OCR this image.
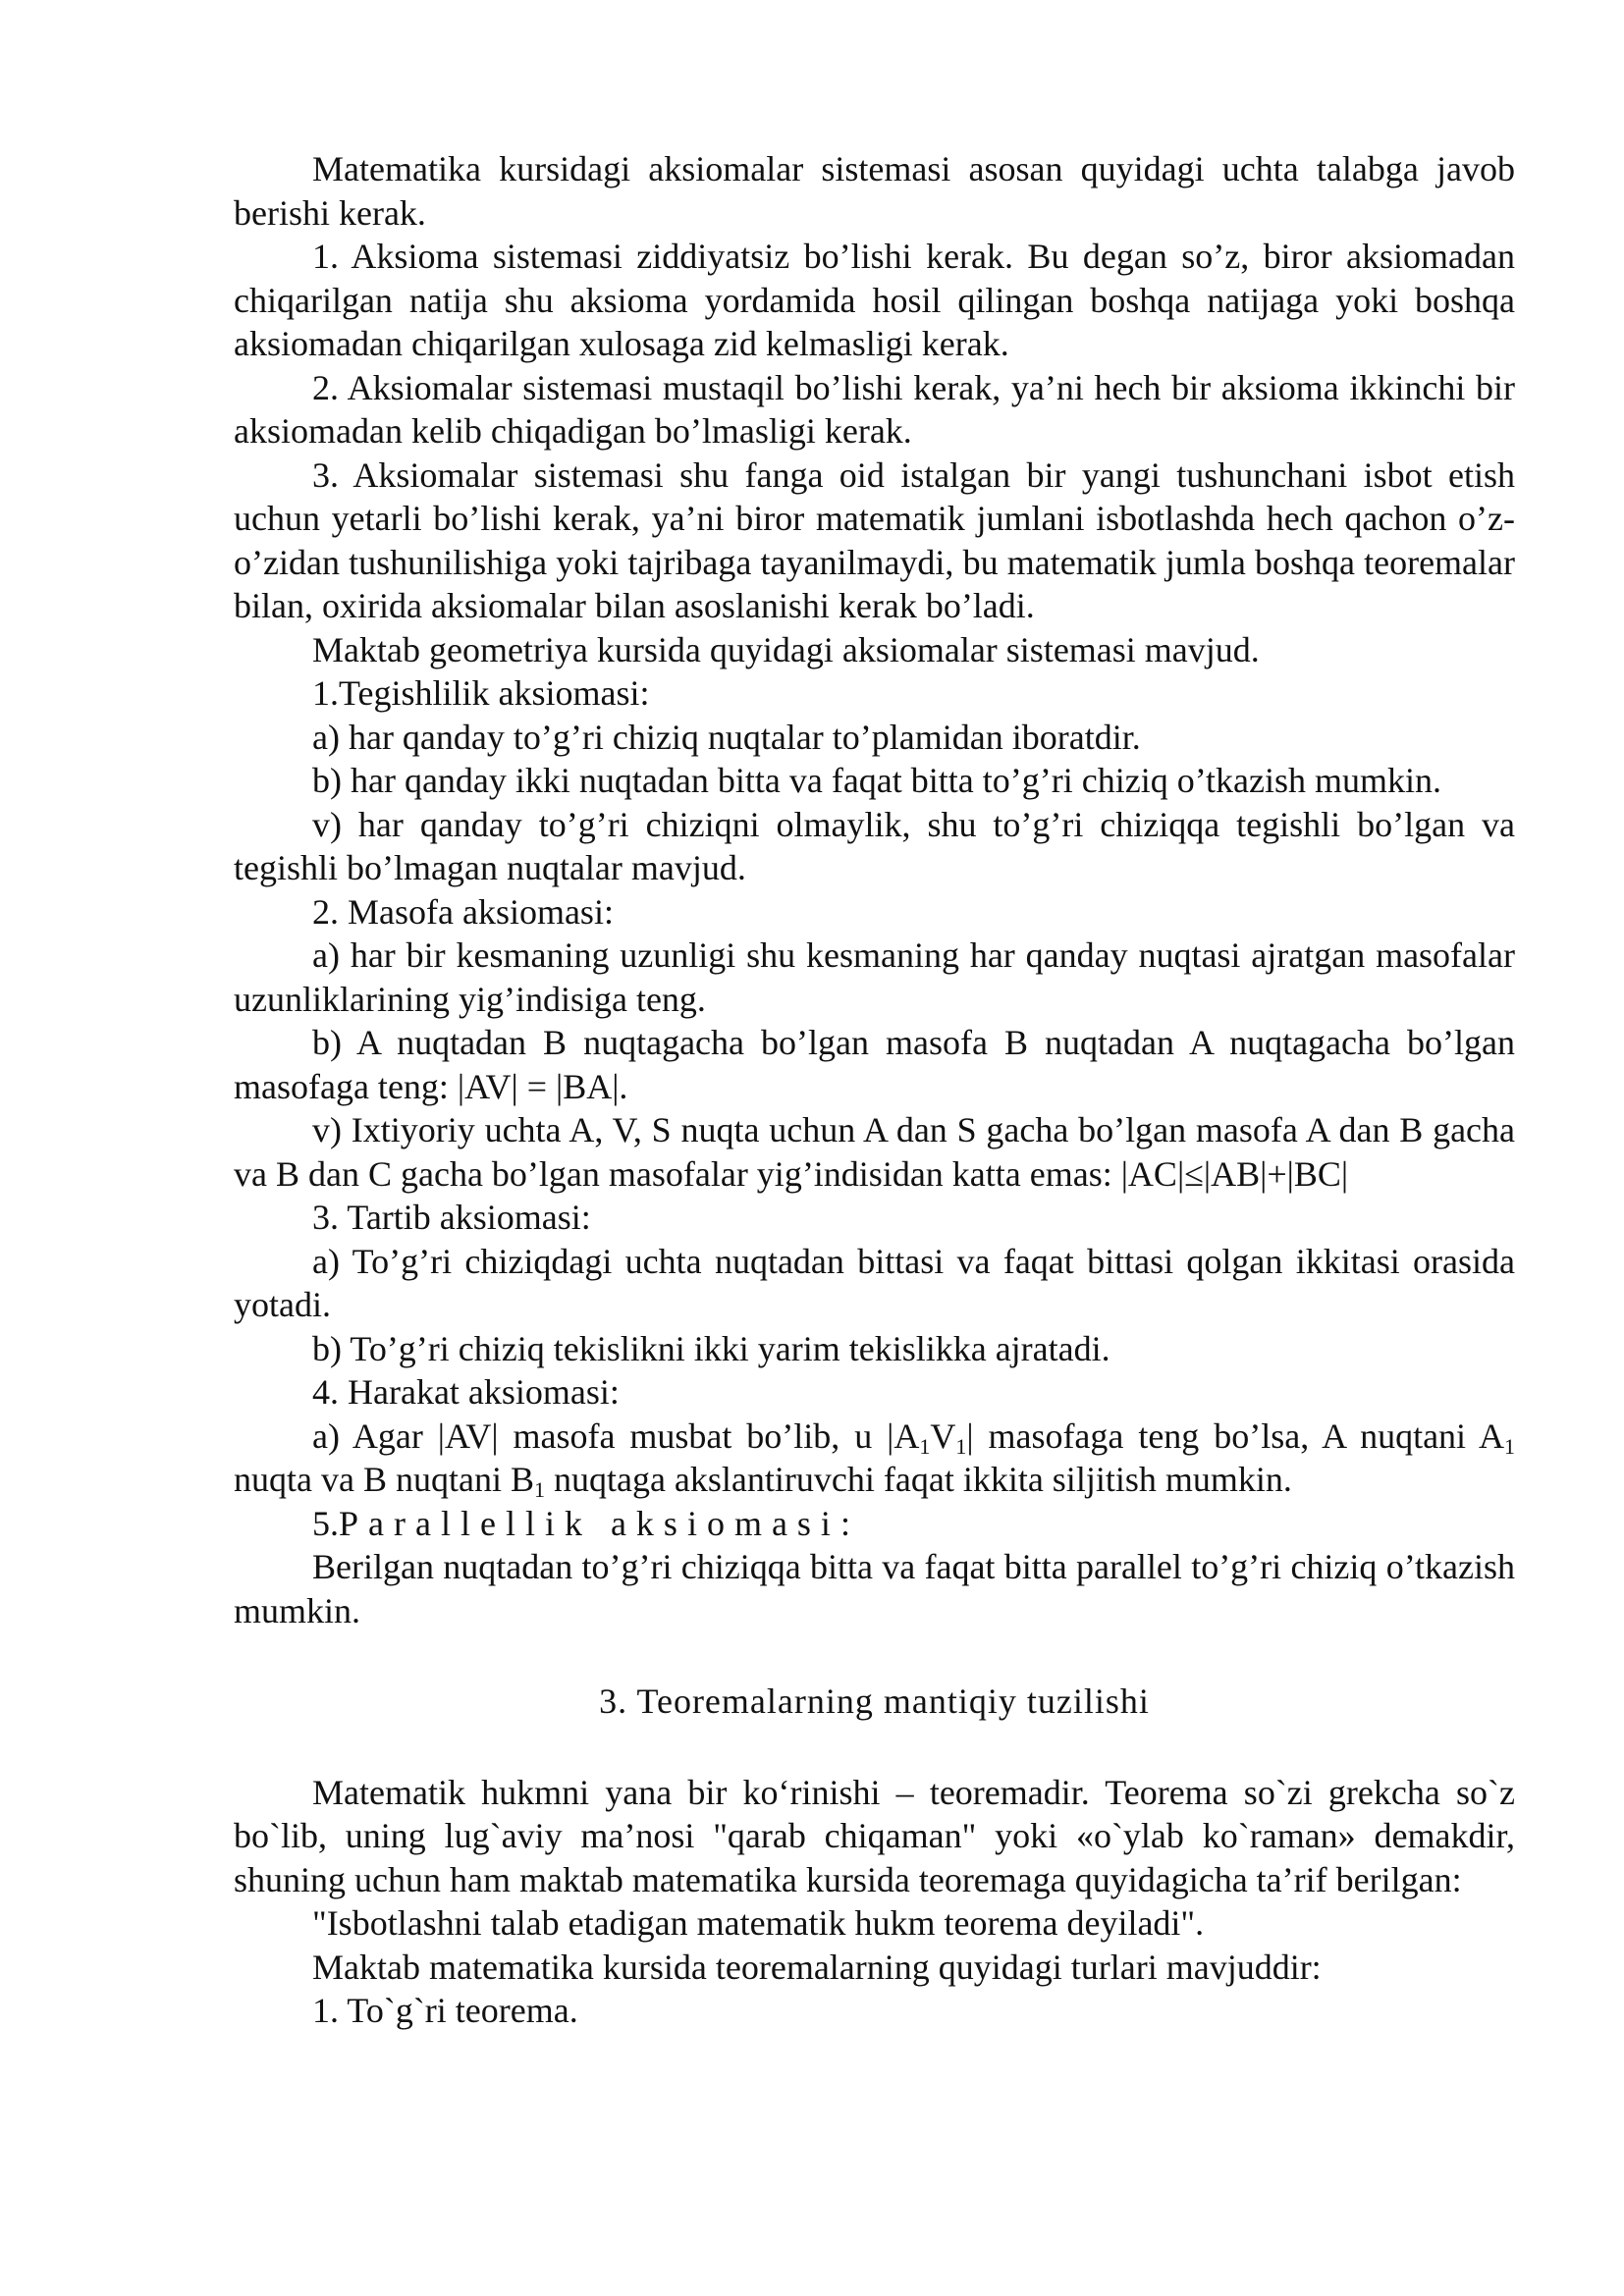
Matematika kursidagi aksiomalar sistemasi asosan quyidagi uchta talabga javob berishi kerak.

1. Aksioma sistemasi ziddiyatsiz bo’lishi kerak. Bu degan so’z, biror aksiomadan chiqarilgan natija shu aksioma yordamida hosil qilingan boshqa natijaga yoki boshqa aksiomadan chiqarilgan xulosaga zid kelmasligi kerak.

2. Aksiomalar sistemasi mustaqil bo’lishi kerak, ya’ni hech bir aksioma ikkinchi bir aksiomadan kelib chiqadigan bo’lmasligi kerak.

3. Aksiomalar sistemasi shu fanga oid istalgan bir yangi tushunchani isbot etish uchun yetarli bo’lishi kerak, ya’ni biror matematik jumlani isbotlashda hech qachon o’z-o’zidan tushunilishiga yoki tajribaga tayanilmaydi, bu matematik jumla boshqa teoremalar bilan, oxirida aksiomalar bilan asoslanishi kerak bo’ladi.

Maktab geometriya kursida quyidagi aksiomalar sistemasi mavjud.

1.Tegishlilik aksiomasi:

a) har qanday to’g’ri chiziq nuqtalar to’plamidan iboratdir.

b) har qanday ikki nuqtadan bitta va faqat bitta to’g’ri chiziq o’tkazish mumkin.

v) har qanday to’g’ri chiziqni olmaylik, shu to’g’ri chiziqqa tegishli bo’lgan va tegishli bo’lmagan nuqtalar mavjud.

2. Masofa aksiomasi:

a) har bir kesmaning uzunligi shu kesmaning har qanday nuqtasi ajratgan masofalar uzunliklarining yig’indisiga teng.

b) A nuqtadan B nuqtagacha bo’lgan masofa B nuqtadan A nuqtagacha bo’lgan masofaga teng: |AV| = |BA|.

v) Ixtiyoriy uchta A, V, S nuqta uchun A dan S gacha bo’lgan masofa A dan B gacha va B dan C gacha bo’lgan masofalar yig’indisidan katta emas: |AC|≤|AB|+|BC|

3. Tartib aksiomasi:

a) To’g’ri chiziqdagi uchta nuqtadan bittasi va faqat bittasi qolgan ikkitasi orasida yotadi.

b) To’g’ri chiziq tekislikni ikki yarim tekislikka ajratadi.

4. Harakat aksiomasi:

a) Agar |AV| masofa musbat bo’lib, u $|A_1V_1|$ masofaga teng bo’lsa, A nuqtani $A_1$ nuqta va B nuqtani $B_1$ nuqtaga akslantiruvchi faqat ikkita siljitish mumkin.

5.Parallellik aksiomasi:

Berilgan nuqtadan to’g’ri chiziqqa bitta va faqat bitta parallel to’g’ri chiziq o’tkazish mumkin.

3. Teoremalarning mantiqiy tuzilishi

Matematik hukmni yana bir ko‘rinishi – teoremadir. Teorema so`zi grekcha so`z bo`lib, uning lug`aviy ma’nosi "qarab chiqaman" yoki «o`ylab ko`raman» demakdir, shuning uchun ham maktab matematika kursida teoremaga quyidagicha ta’rif berilgan:

"Isbotlashni talab etadigan matematik hukm teorema deyiladi".

Maktab matematika kursida teoremalarning quyidagi turlari mavjuddir:

1. To`g`ri teorema.
